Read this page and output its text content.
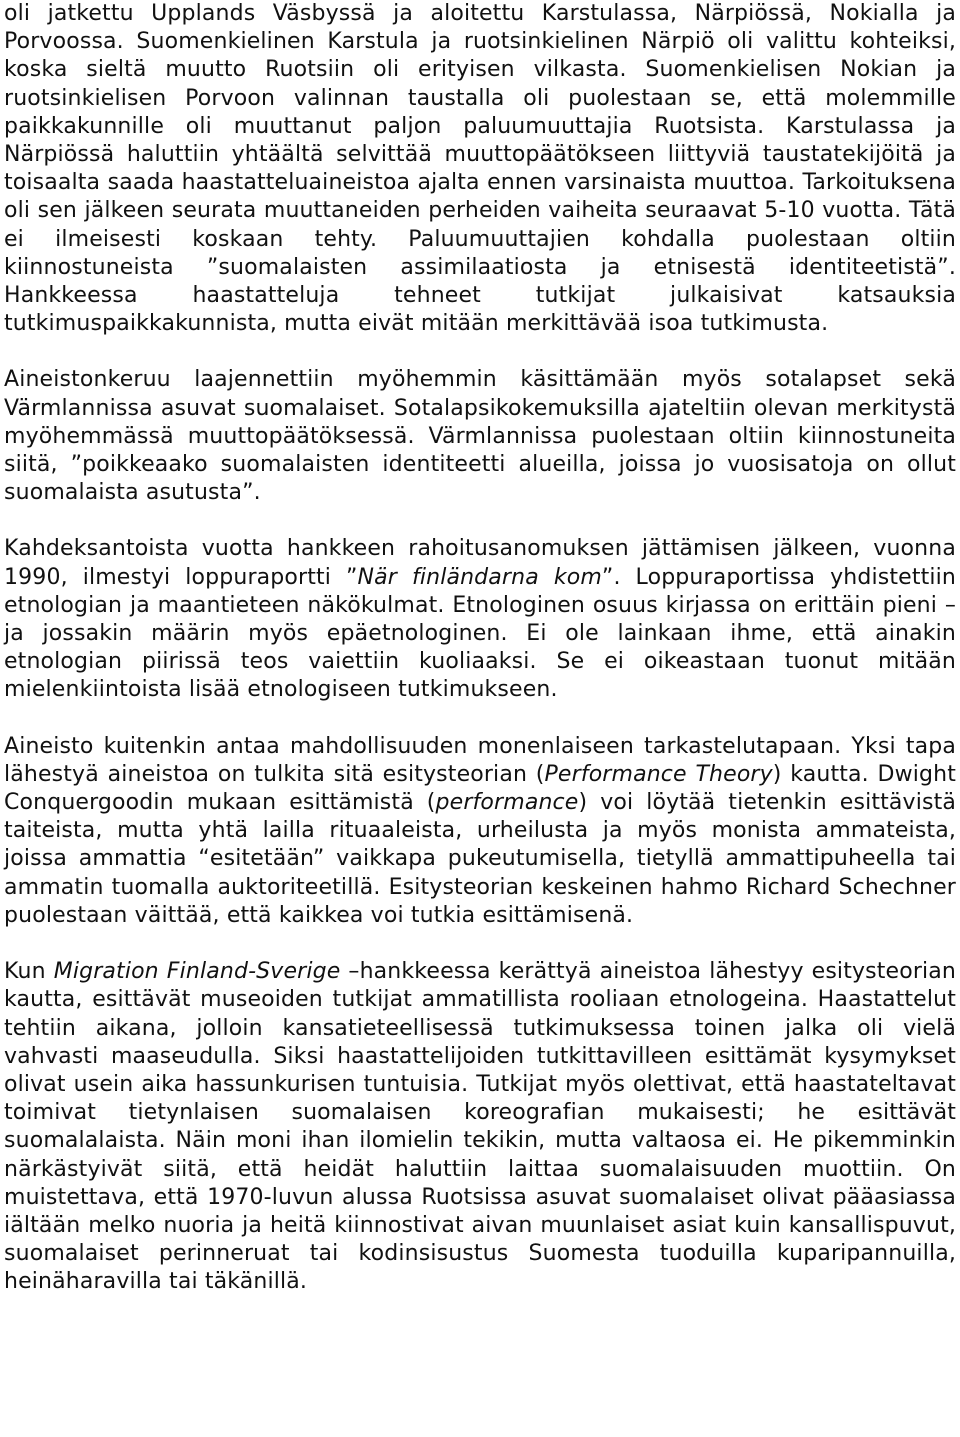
oli jatkettu Upplands Väsbyssä ja aloitettu Karstulassa, Närpiössä, Nokialla ja Porvoossa. Suomenkielinen Karstula ja ruotsinkielinen Närpiö oli valittu kohteiksi, koska sieltä muutto Ruotsiin oli erityisen vilkasta. Suomenkielisen Nokian ja ruotsinkielisen Porvoon valinnan taustalla oli puolestaan se, että molemmille paikkakunnille oli muuttanut paljon paluumuuttajia Ruotsista. Karstulassa ja Närpiössä haluttiin yhtäältä selvittää muuttopäätökseen liittyviä taustatekijöitä ja toisaalta saada haastatteluaineistoa ajalta ennen varsinaista muuttoa. Tarkoituksena oli sen jälkeen seurata muuttaneiden perheiden vaiheita seuraavat 5-10 vuotta. Tätä ei ilmeisesti koskaan tehty. Paluumuuttajien kohdalla puolestaan oltiin kiinnostuneista ”suomalaisten assimilaatiosta ja etnisestä identiteetistä”. Hankkeessa haastatteluja tehneet tutkijat julkaisivat katsauksia tutkimuspaikkakunnista, mutta eivät mitään merkittävää isoa tutkimusta.

Aineistonkeruu laajennettiin myöhemmin käsittämään myös sotalapset sekä Värmlannissa asuvat suomalaiset. Sotalapsikokemuksilla ajateltiin olevan merkitystä myöhemmässä muuttopäätöksessä. Värmlannissa puolestaan oltiin kiinnostuneita siitä, ”poikkeaako suomalaisten identiteetti alueilla, joissa jo vuosisatoja on ollut suomalaista asutusta”.

Kahdeksantoista vuotta hankkeen rahoitusanomuksen jättämisen jälkeen, vuonna 1990, ilmestyi loppuraportti ”När finländarna kom”. Loppuraportissa yhdistettiin etnologian ja maantieteen näkökulmat. Etnologinen osuus kirjassa on erittäin pieni – ja jossakin määrin myös epäetnologinen. Ei ole lainkaan ihme, että ainakin etnologian piirissä teos vaiettiin kuoliaaksi. Se ei oikeastaan tuonut mitään mielenkiintoista lisää etnologiseen tutkimukseen.

Aineisto kuitenkin antaa mahdollisuuden monenlaiseen tarkastelutapaan. Yksi tapa lähestyä aineistoa on tulkita sitä esitysteorian (Performance Theory) kautta. Dwight Conquergoodin mukaan esittämistä (performance) voi löytää tietenkin esittävistä taiteista, mutta yhtä lailla rituaaleista, urheilusta ja myös monista ammateista, joissa ammattia “esitetään” vaikkapa pukeutumisella, tietyllä ammattipuheella tai ammatin tuomalla auktoriteetillä. Esitysteorian keskeinen hahmo Richard Schechner puolestaan väittää, että kaikkea voi tutkia esittämisenä.

Kun Migration Finland-Sverige –hankkeessa kerättyä aineistoa lähestyy esitysteorian kautta, esittävät museoiden tutkijat ammatillista rooliaan etnologeina. Haastattelut tehtiin aikana, jolloin kansatieteellisessä tutkimuksessa toinen jalka oli vielä vahvasti maaseudulla. Siksi haastattelijoiden tutkittavilleen esittämät kysymykset olivat usein aika hassunkurisen tuntuisia. Tutkijat myös olettivat, että haastateltavat toimivat tietynlaisen suomalaisen koreografian mukaisesti; he esittävät suomalalaista. Näin moni ihan ilomielin tekikin, mutta valtaosa ei. He pikemminkin närkästyivät siitä, että heidät haluttiin laittaa suomalaisuuden muottiin. On muistettava, että 1970-luvun alussa Ruotsissa asuvat suomalaiset olivat pääasiassa iältään melko nuoria ja heitä kiinnostivat aivan muunlaiset asiat kuin kansallispuvut, suomalaiset perinneruat tai kodinsisustus Suomesta tuoduilla kuparipannuilla, heinäharavilla tai täkänillä.
